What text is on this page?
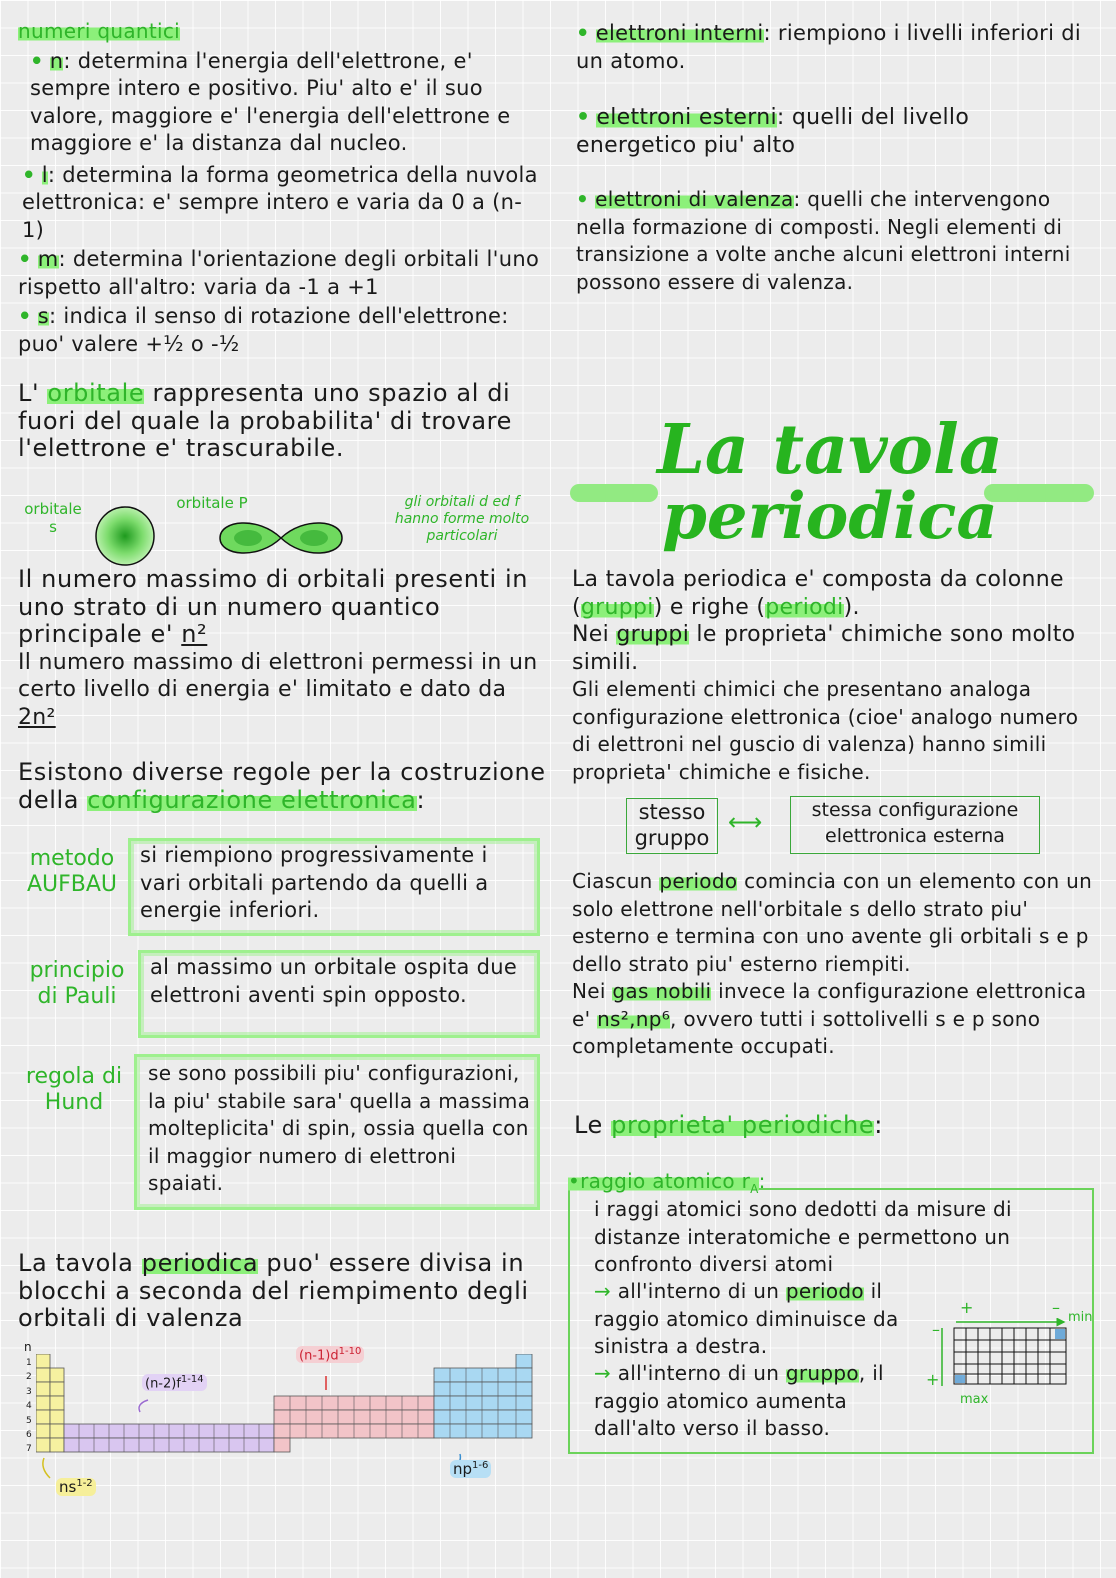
numeri quantici
• n: determina l'energia dell'elettrone, e' sempre intero e positivo. Piu' alto e' il suo valore, maggiore e' l'energia dell'elettrone e maggiore e' la distanza dal nucleo.
• l: determina la forma geometrica della nuvola elettronica: e' sempre intero e varia da 0 a (n-1)
• m: determina l'orientazione degli orbitali l'uno rispetto all'altro: varia da -1 a +1
• s: indica il senso di rotazione dell'elettrone: puo' valere +½ o -½
L' orbitale rappresenta uno spazio al di fuori del quale la probabilita' di trovare l'elettrone e' trascurabile.
orbitale s
orbitale P	gli orbitali d ed f hanno forme molto particolari
Il numero massimo di orbitali presenti in uno strato di un numero quantico principale e' n²
Il numero massimo di elettroni permessi in un certo livello di energia e' limitato e dato da 2n²
Esistono diverse regole per la costruzione della configurazione elettronica:
metodo AUFBAU
si riempiono progressivamente i vari orbitali partendo da quelli a energie inferiori.
principio di Pauli
al massimo un orbitale ospita due elettroni aventi spin opposto.
regola di Hund
se sono possibili piu' configurazioni, la piu' stabile sara' quella a massima molteplicita' di spin, ossia quella con il maggior numero di elettroni spaiati.
La tavola periodica puo' essere divisa in blocchi a seconda del riempimento degli orbitali di valenza
n
1
2
3
4
5
6
7
$(n-2)f^{1-14}$
$(n-1)d^{1-10}$
$ns^{1-2}$
$np^{1-6}$
• elettroni interni: riempiono i livelli inferiori di un atomo.
• elettroni esterni: quelli del livello energetico piu' alto
• elettroni di valenza: quelli che intervengono nella formazione di composti. Negli elementi di transizione a volte anche alcuni elettroni interni possono essere di valenza.
La tavola
periodica
La tavola periodica e' composta da colonne (gruppi) e righe (periodi).
Nei gruppi le proprieta' chimiche sono molto simili.
Gli elementi chimici che presentano analoga configurazione elettronica (cioe' analogo numero di elettroni nel guscio di valenza) hanno simili proprieta' chimiche e fisiche.
stesso gruppo
⟷	stessa configurazione elettronica esterna
Ciascun periodo comincia con un elemento con un solo elettrone nell'orbitale s dello strato piu' esterno e termina con uno avente gli orbitali s e p dello strato piu' esterno riempiti.
Nei gas nobili invece la configurazione elettronica e' ns²,np⁶, ovvero tutti i sottolivelli s e p sono completamente occupati.
Le proprieta' periodiche:
•raggio atomico $r_A$:
i raggi atomici sono dedotti da misure di distanze interatomiche e permettono un confronto diversi atomi
→ all'interno di un periodo il raggio atomico diminuisce da sinistra a destra.
→ all'interno di un gruppo, il raggio atomico aumenta dall'alto verso il basso.
+	–
min
–
+
max
